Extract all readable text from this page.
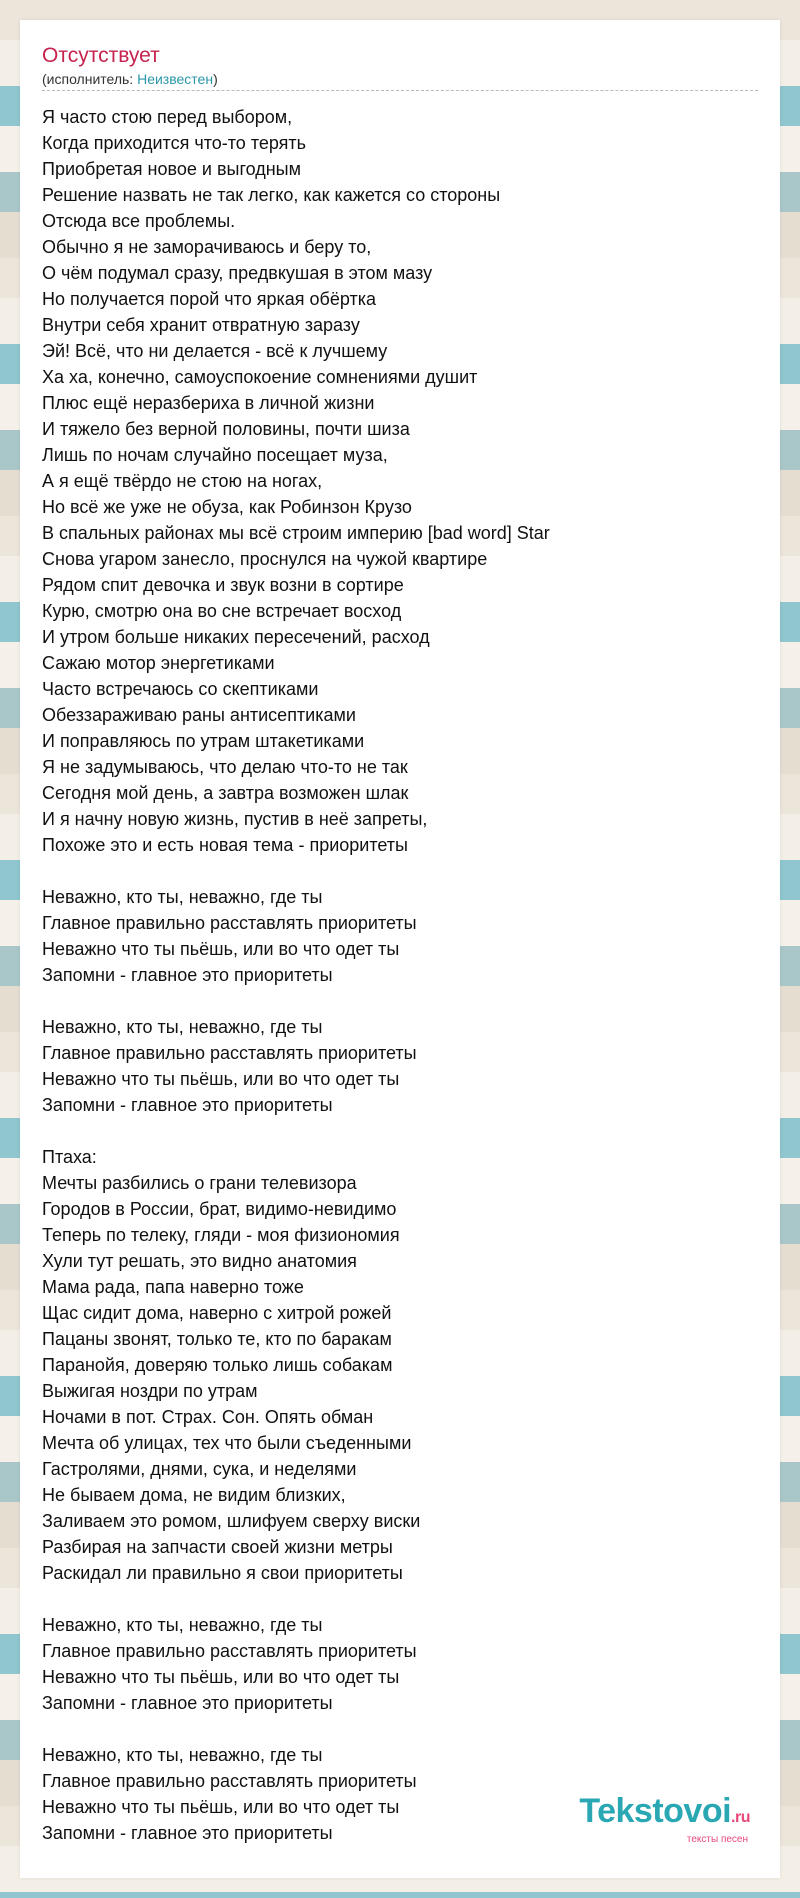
Отсутствует
(исполнитель: Неизвестен)
Я часто стою перед выбором,
Когда приходится что-то терять
Приобретая новое и выгодным
Решение назвать не так легко, как кажется со стороны
Отсюда все проблемы.
Обычно я не заморачиваюсь и беру то,
О чём подумал сразу, предвкушая в этом мазу
Но получается порой что яркая обёртка
Внутри себя хранит отвратную заразу
Эй! Всё, что ни делается - всё к лучшему
Ха ха, конечно, самоуспокоение сомнениями душит
Плюс ещё неразбериха в личной жизни
И тяжело без верной половины, почти шиза
Лишь по ночам случайно посещает муза,
А я ещё твёрдо не стою на ногах,
Но всё же уже не обуза, как Робинзон Крузо
В спальных районах мы всё строим империю [bad word] Star
Снова угаром занесло, проснулся на чужой квартире
Рядом спит девочка и звук возни в сортире
Курю, смотрю она во сне встречает восход
И утром больше никаких пересечений, расход
Сажаю мотор энергетиками
Часто встречаюсь со скептиками
Обеззараживаю раны антисептиками
И поправляюсь по утрам штакетиками
Я не задумываюсь, что делаю что-то не так
Сегодня мой день, а завтра возможен шлак
И я начну новую жизнь, пустив в неё запреты,
Похоже это и есть новая тема - приоритеты
Неважно, кто ты, неважно, где ты
Главное правильно расставлять приоритеты
Неважно что ты пьёшь, или во что одет ты
Запомни - главное это приоритеты
Неважно, кто ты, неважно, где ты
Главное правильно расставлять приоритеты
Неважно что ты пьёшь, или во что одет ты
Запомни - главное это приоритеты
Птаха:
Мечты разбились о грани телевизора
Городов в России, брат, видимо-невидимо
Теперь по телеку, гляди - моя физиономия
Хули тут решать, это видно анатомия
Мама рада, папа наверно тоже
Щас сидит дома, наверно с хитрой рожей
Пацаны звонят, только те, кто по баракам
Паранойя, доверяю только лишь собакам
Выжигая ноздри по утрам
Ночами в пот. Страх. Сон. Опять обман
Мечта об улицах, тех что были съеденными
Гастролями, днями, сука, и неделями
Не бываем дома, не видим близких,
Заливаем это ромом, шлифуем сверху виски
Разбирая на запчасти своей жизни метры
Раскидал ли правильно я свои приоритеты
Неважно, кто ты, неважно, где ты
Главное правильно расставлять приоритеты
Неважно что ты пьёшь, или во что одет ты
Запомни - главное это приоритеты
Неважно, кто ты, неважно, где ты
Главное правильно расставлять приоритеты
Неважно что ты пьёшь, или во что одет ты
Запомни - главное это приоритеты
Tekstovoi.ru
тексты песен
